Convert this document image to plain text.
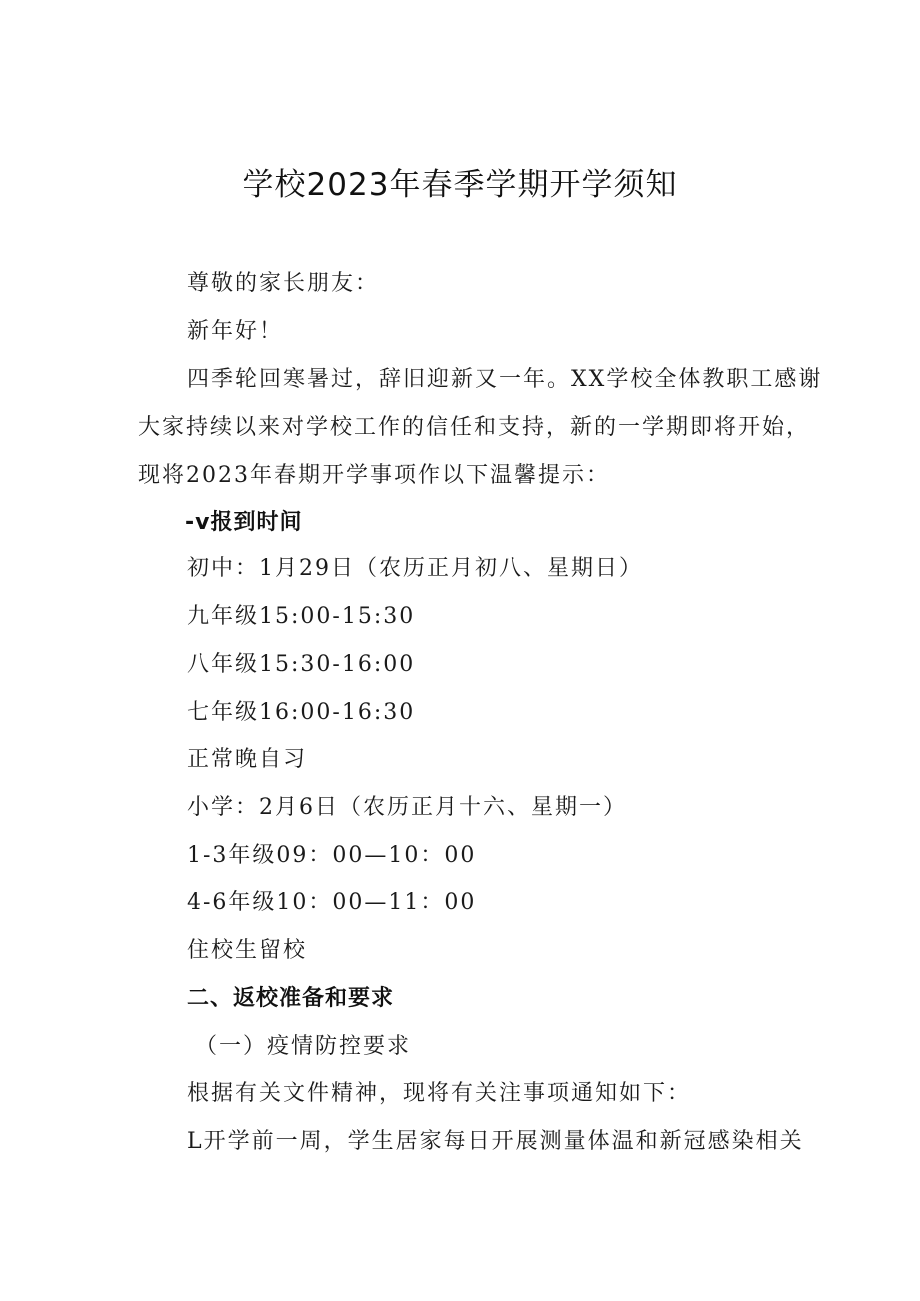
学校2023年春季学期开学须知
尊敬的家长朋友：
新年好！
四季轮回寒暑过，辞旧迎新又一年。XX学校全体教职工感谢
大家持续以来对学校工作的信任和支持，新的一学期即将开始，
现将2023年春期开学事项作以下温馨提示：
-v报到时间
初中：1月29日（农历正月初八、星期日）
九年级15:00-15:30
八年级15:30-16:00
七年级16:00-16:30
正常晚自习
小学：2月6日（农历正月十六、星期一）
1-3年级09：00—10：00
4-6年级10：00—11：00
住校生留校
二、返校准备和要求
（一）疫情防控要求
根据有关文件精神，现将有关注事项通知如下：
L开学前一周，学生居家每日开展测量体温和新冠感染相关
